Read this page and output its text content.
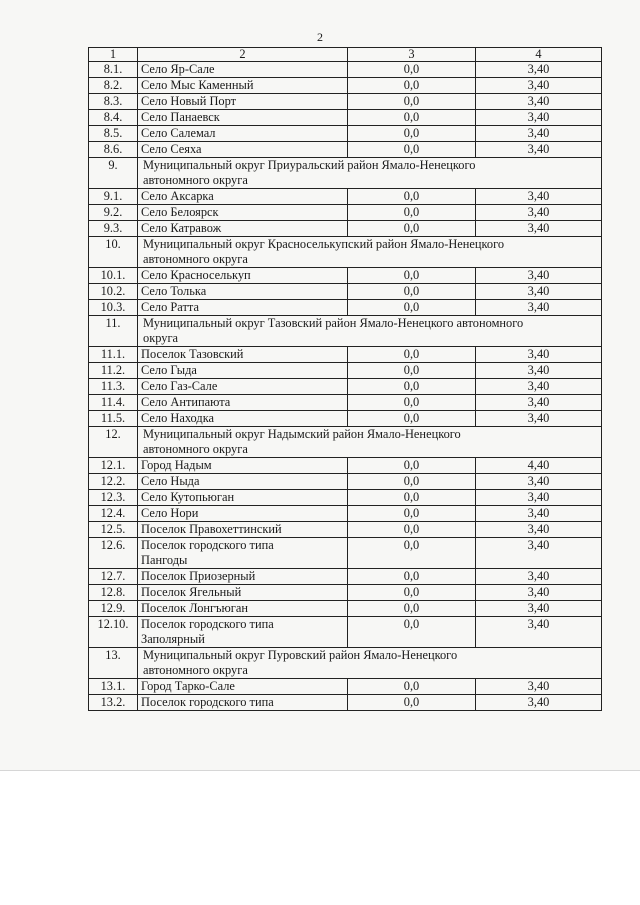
2
1	2	3	4
8.1.	Село Яр-Сале	0,0	3,40
8.2.	Село Мыс Каменный	0,0	3,40
8.3.	Село Новый Порт	0,0	3,40
8.4.	Село Панаевск	0,0	3,40
8.5.	Село Салемал	0,0	3,40
8.6.	Село Сеяха	0,0	3,40
9.	Муниципальный округ Приуральский район Ямало-Ненецкого
автономного округа		

9.1.	Село Аксарка	0,0	3,40
9.2.	Село Белоярск	0,0	3,40
9.3.	Село Катравож	0,0	3,40
10.	Муниципальный округ Красноселькупский район Ямало-Ненецкого
автономного округа		

10.1.	Село Красноселькуп	0,0	3,40
10.2.	Село Толька	0,0	3,40
10.3.	Село Ратта	0,0	3,40
11.	Муниципальный округ Тазовский район Ямало-Ненецкого автономного
округа		

11.1.	Поселок Тазовский	0,0	3,40
11.2.	Село Гыда	0,0	3,40
11.3.	Село Газ-Сале	0,0	3,40
11.4.	Село Антипаюта	0,0	3,40
11.5.	Село Находка	0,0	3,40
12.	Муниципальный округ Надымский район Ямало-Ненецкого
автономного округа		

12.1.	Город Надым	0,0	4,40
12.2.	Село Ныда	0,0	3,40
12.3.	Село Кутопьюган	0,0	3,40
12.4.	Село Нори	0,0	3,40
12.5.	Поселок Правохеттинский	0,0	3,40
12.6.	Поселок городского типа
Пангоды	0,0	3,40
12.7.	Поселок Приозерный	0,0	3,40
12.8.	Поселок Ягельный	0,0	3,40
12.9.	Поселок Лонгъюган	0,0	3,40
12.10.	Поселок городского типа
Заполярный	0,0	3,40
13.	Муниципальный округ Пуровский район Ямало-Ненецкого
автономного округа		

13.1.	Город Тарко-Сале	0,0	3,40
13.2.	Поселок городского типа	0,0	3,40
